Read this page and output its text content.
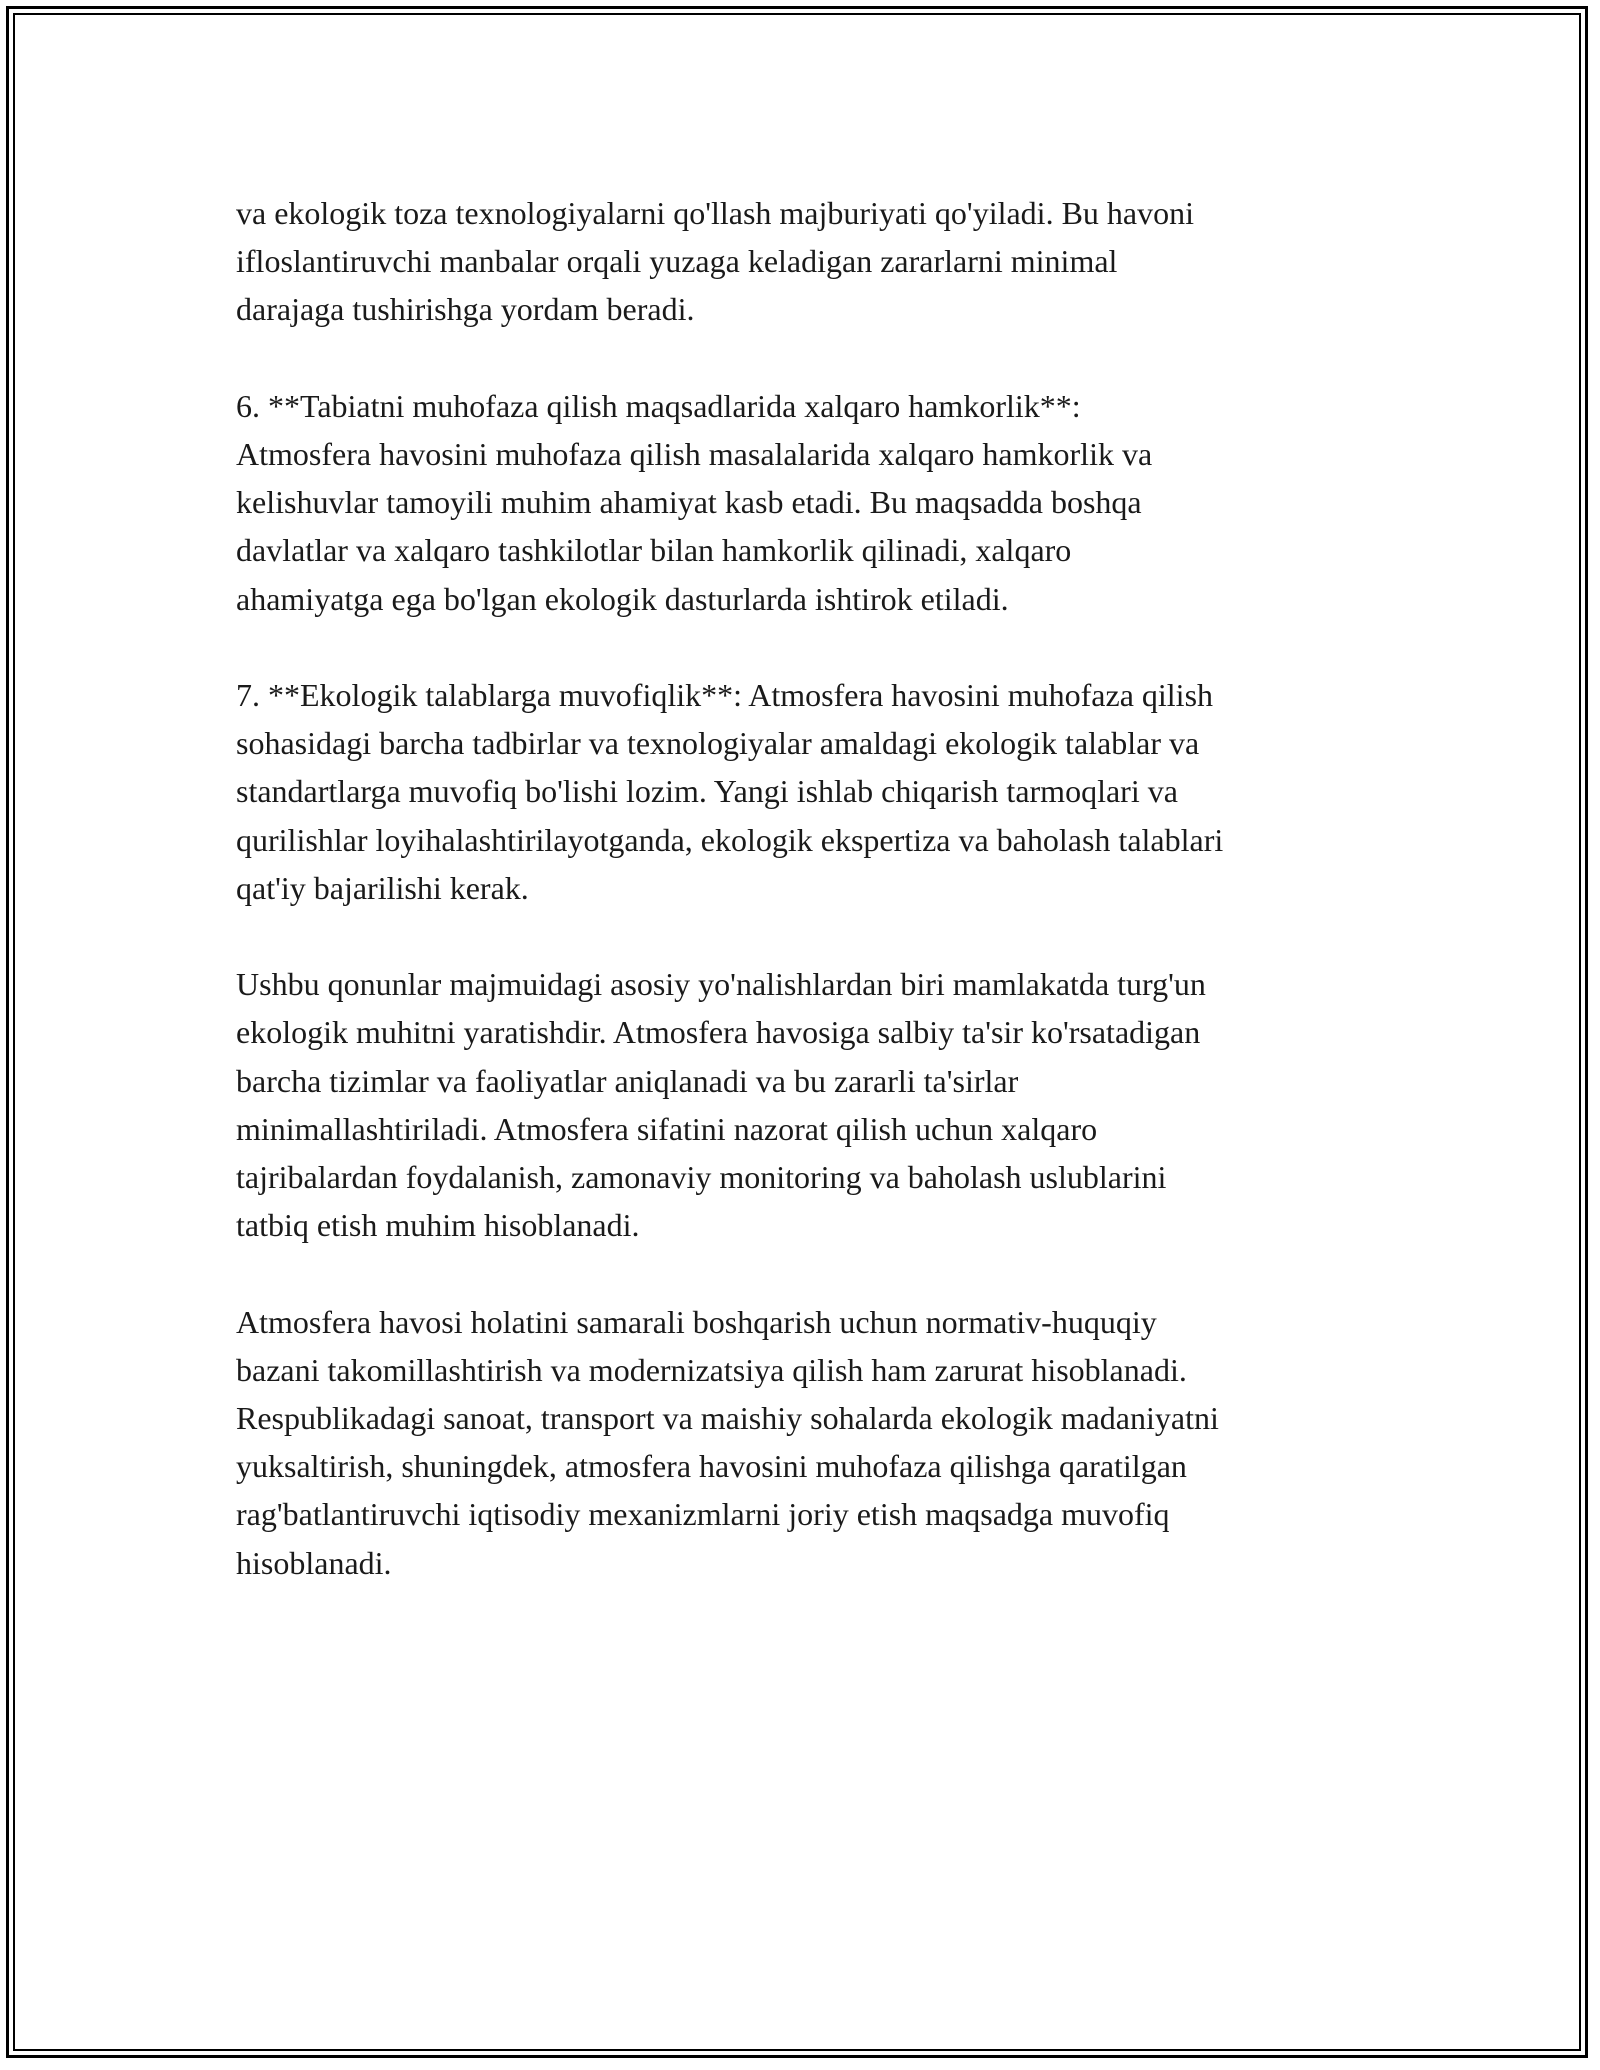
va ekologik toza texnologiyalarni qo'llash majburiyati qo'yiladi. Bu havoni
ifloslantiruvchi manbalar orqali yuzaga keladigan zararlarni minimal
darajaga tushirishga yordam beradi.

6. **Tabiatni muhofaza qilish maqsadlarida xalqaro hamkorlik**:
Atmosfera havosini muhofaza qilish masalalarida xalqaro hamkorlik va
kelishuvlar tamoyili muhim ahamiyat kasb etadi. Bu maqsadda boshqa
davlatlar va xalqaro tashkilotlar bilan hamkorlik qilinadi, xalqaro
ahamiyatga ega bo'lgan ekologik dasturlarda ishtirok etiladi.

7. **Ekologik talablarga muvofiqlik**: Atmosfera havosini muhofaza qilish
sohasidagi barcha tadbirlar va texnologiyalar amaldagi ekologik talablar va
standartlarga muvofiq bo'lishi lozim. Yangi ishlab chiqarish tarmoqlari va
qurilishlar loyihalashtirilayotganda, ekologik ekspertiza va baholash talablari
qat'iy bajarilishi kerak.

Ushbu qonunlar majmuidagi asosiy yo'nalishlardan biri mamlakatda turg'un
ekologik muhitni yaratishdir. Atmosfera havosiga salbiy ta'sir ko'rsatadigan
barcha tizimlar va faoliyatlar aniqlanadi va bu zararli ta'sirlar
minimallashtiriladi. Atmosfera sifatini nazorat qilish uchun xalqaro
tajribalardan foydalanish, zamonaviy monitoring va baholash uslublarini
tatbiq etish muhim hisoblanadi.

Atmosfera havosi holatini samarali boshqarish uchun normativ-huquqiy
bazani takomillashtirish va modernizatsiya qilish ham zarurat hisoblanadi.
Respublikadagi sanoat, transport va maishiy sohalarda ekologik madaniyatni
yuksaltirish, shuningdek, atmosfera havosini muhofaza qilishga qaratilgan
rag'batlantiruvchi iqtisodiy mexanizmlarni joriy etish maqsadga muvofiq
hisoblanadi.
